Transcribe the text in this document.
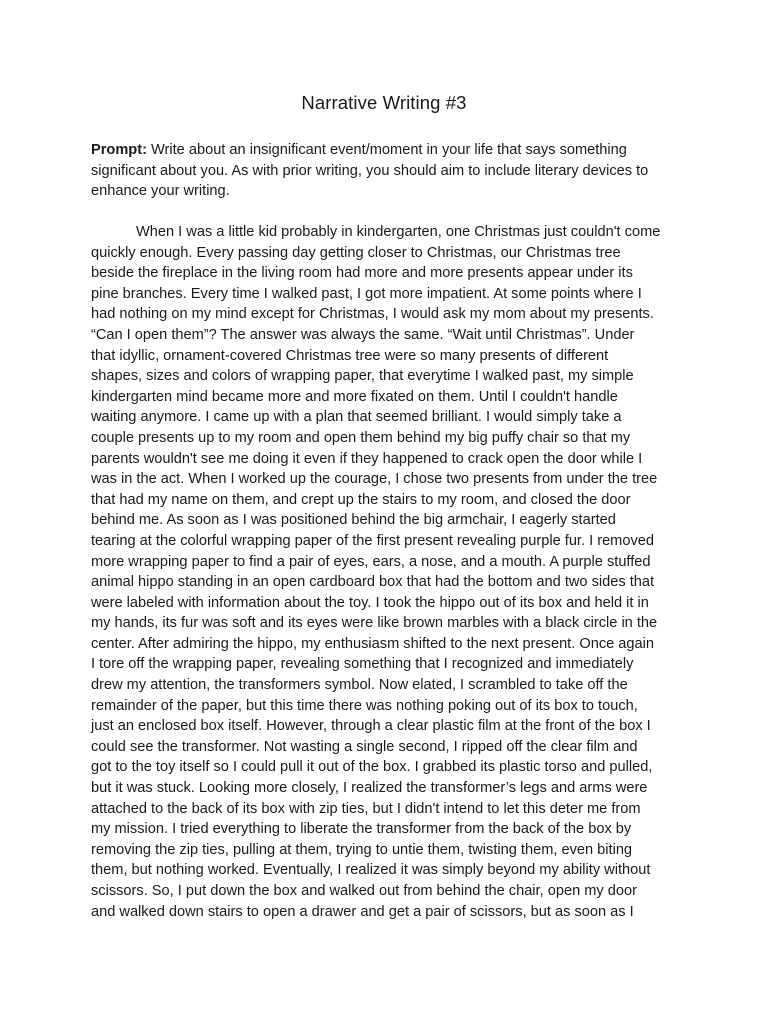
Narrative Writing #3
Prompt: Write about an insignificant event/moment in your life that says something
significant about you. As with prior writing, you should aim to include literary devices to
enhance your writing.
When I was a little kid probably in kindergarten, one Christmas just couldn't come
quickly enough. Every passing day getting closer to Christmas, our Christmas tree
beside the fireplace in the living room had more and more presents appear under its
pine branches. Every time I walked past, I got more impatient. At some points where I
had nothing on my mind except for Christmas, I would ask my mom about my presents.
“Can I open them”? The answer was always the same. “Wait until Christmas”. Under
that idyllic, ornament-covered Christmas tree were so many presents of different
shapes, sizes and colors of wrapping paper, that everytime I walked past, my simple
kindergarten mind became more and more fixated on them. Until I couldn't handle
waiting anymore. I came up with a plan that seemed brilliant. I would simply take a
couple presents up to my room and open them behind my big puffy chair so that my
parents wouldn't see me doing it even if they happened to crack open the door while I
was in the act. When I worked up the courage, I chose two presents from under the tree
that had my name on them, and crept up the stairs to my room, and closed the door
behind me. As soon as I was positioned behind the big armchair, I eagerly started
tearing at the colorful wrapping paper of the first present revealing purple fur. I removed
more wrapping paper to find a pair of eyes, ears, a nose, and a mouth. A purple stuffed
animal hippo standing in an open cardboard box that had the bottom and two sides that
were labeled with information about the toy. I took the hippo out of its box and held it in
my hands, its fur was soft and its eyes were like brown marbles with a black circle in the
center. After admiring the hippo, my enthusiasm shifted to the next present. Once again
I tore off the wrapping paper, revealing something that I recognized and immediately
drew my attention, the transformers symbol. Now elated, I scrambled to take off the
remainder of the paper, but this time there was nothing poking out of its box to touch,
just an enclosed box itself. However, through a clear plastic film at the front of the box I
could see the transformer. Not wasting a single second, I ripped off the clear film and
got to the toy itself so I could pull it out of the box. I grabbed its plastic torso and pulled,
but it was stuck. Looking more closely, I realized the transformer’s legs and arms were
attached to the back of its box with zip ties, but I didn't intend to let this deter me from
my mission. I tried everything to liberate the transformer from the back of the box by
removing the zip ties, pulling at them, trying to untie them, twisting them, even biting
them, but nothing worked. Eventually, I realized it was simply beyond my ability without
scissors. So, I put down the box and walked out from behind the chair, open my door
and walked down stairs to open a drawer and get a pair of scissors, but as soon as I
